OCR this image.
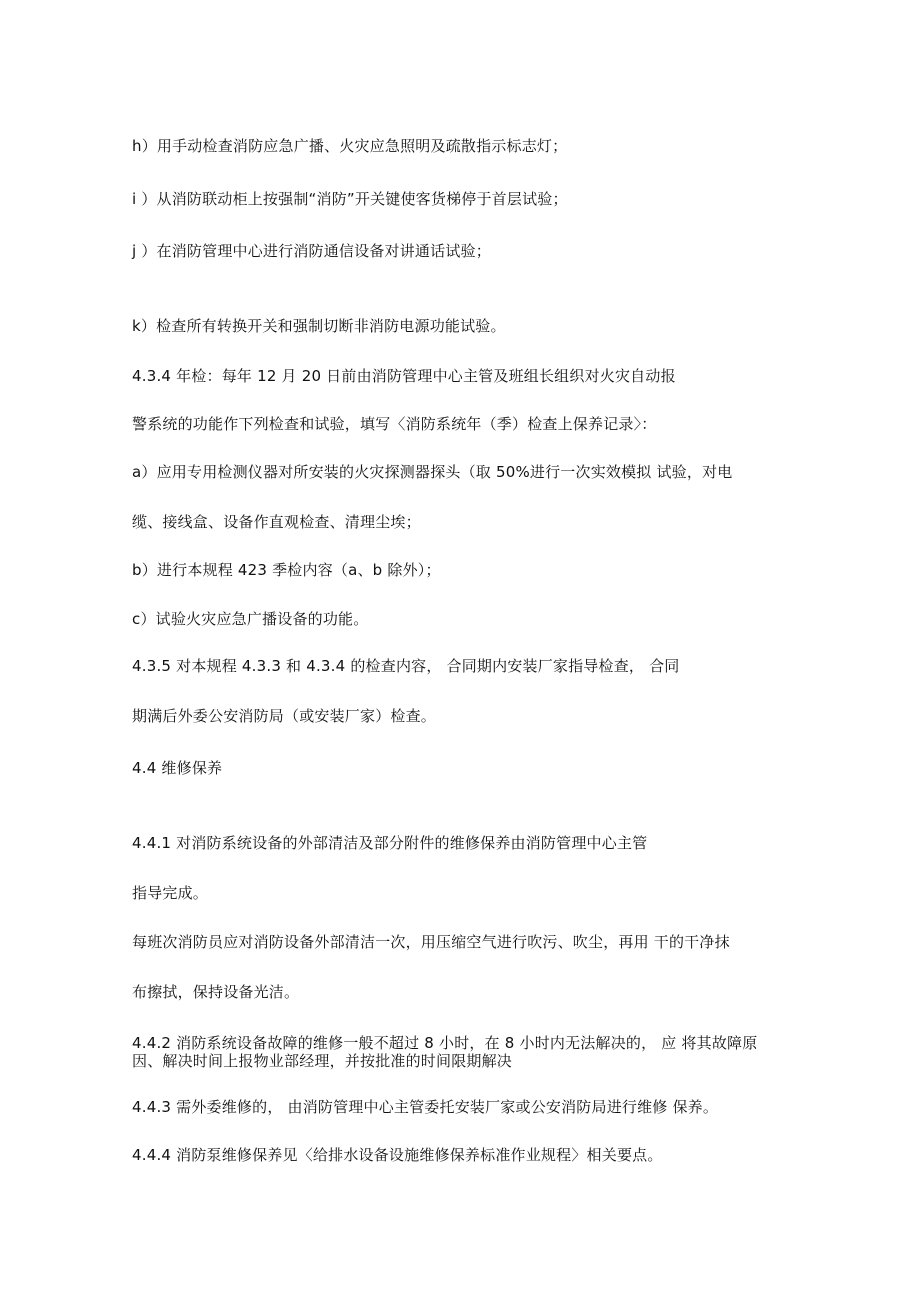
h）用手动检查消防应急广播、火灾应急照明及疏散指示标志灯；
i ）从消防联动柜上按强制“消防”开关键使客货梯停于首层试验；
j ）在消防管理中心进行消防通信设备对讲通话试验；
k）检查所有转换开关和强制切断非消防电源功能试验。
4.3.4 年检：每年 12 月 20 日前由消防管理中心主管及班组长组织对火灾自动报
警系统的功能作下列检查和试验，填写〈消防系统年（季）检查上保养记录〉：
a）应用专用检测仪器对所安装的火灾探测器探头（取 50%进行一次实效模拟 试验，对电
缆、接线盒、设备作直观检查、清理尘埃；
b）进行本规程 423 季检内容（a、b 除外）；
c）试验火灾应急广播设备的功能。
4.3.5 对本规程 4.3.3 和 4.3.4 的检查内容， 合同期内安装厂家指导检查， 合同
期满后外委公安消防局（或安装厂家）检查。
4.4 维修保养
4.4.1 对消防系统设备的外部清洁及部分附件的维修保养由消防管理中心主管
指导完成。
每班次消防员应对消防设备外部清洁一次，用压缩空气进行吹污、吹尘，再用 干的干净抹
布擦拭，保持设备光洁。
4.4.2 消防系统设备故障的维修一般不超过 8 小时，在 8 小时内无法解决的， 应 将其故障原因、解决时间上报物业部经理，并按批准的时间限期解决
4.4.3 需外委维修的， 由消防管理中心主管委托安装厂家或公安消防局进行维修 保养。
4.4.4 消防泵维修保养见〈给排水设备设施维修保养标准作业规程〉相关要点。
